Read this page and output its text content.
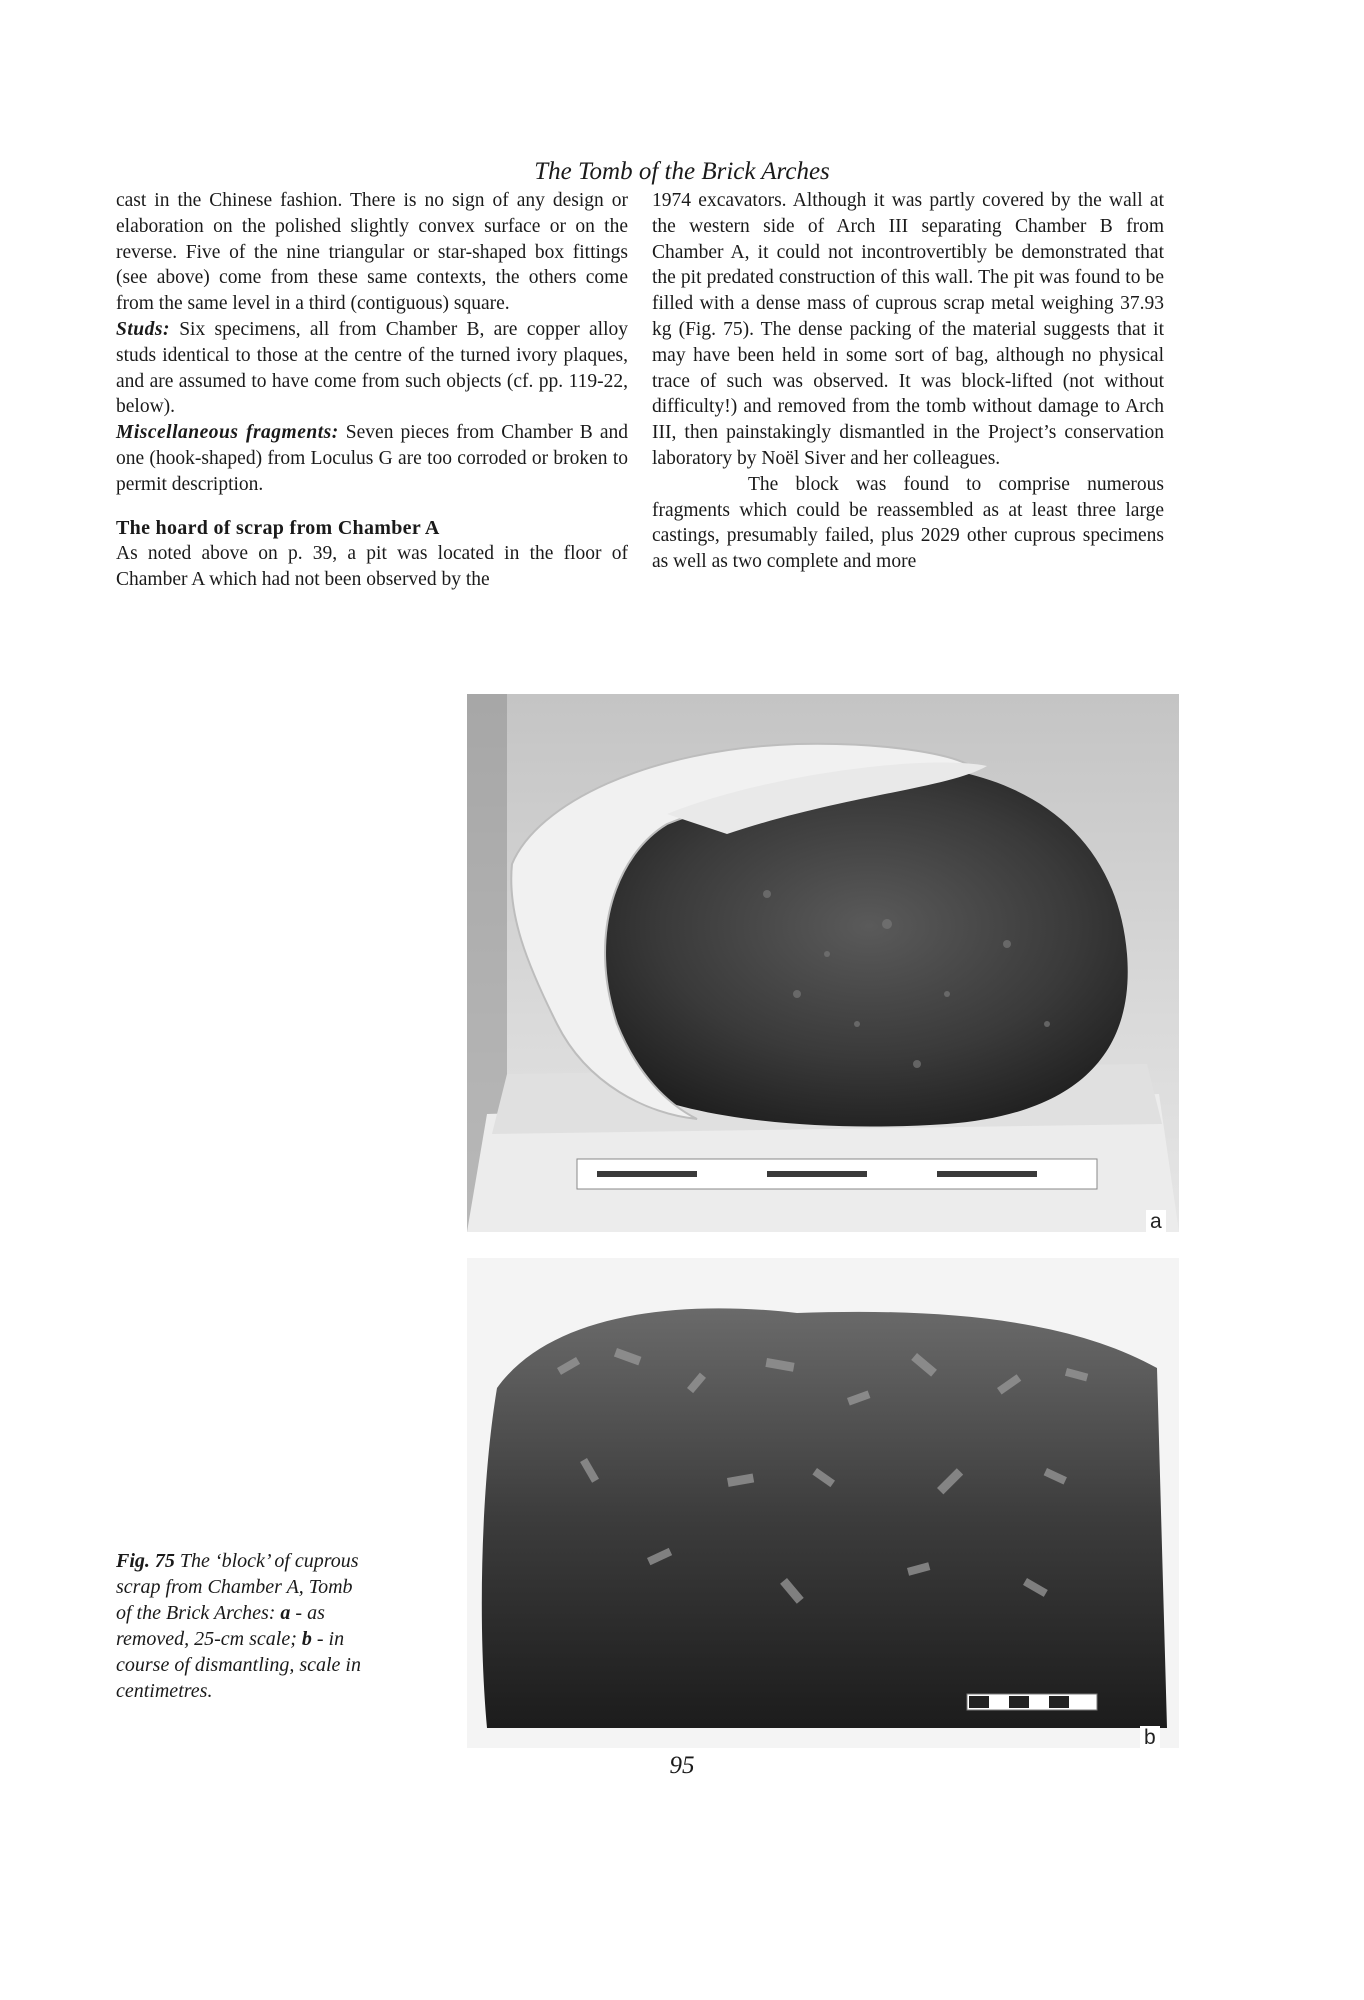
The Tomb of the Brick Arches

cast in the Chinese fashion. There is no sign of any design or elaboration on the polished slightly convex surface or on the reverse. Five of the nine triangular or star-shaped box fittings (see above) come from these same contexts, the others come from the same level in a third (contiguous) square.

Studs: Six specimens, all from Chamber B, are copper alloy studs identical to those at the centre of the turned ivory plaques, and are assumed to have come from such objects (cf. pp. 119-22, below).

Miscellaneous fragments: Seven pieces from Chamber B and one (hook-shaped) from Loculus G are too corroded or broken to permit description.

The hoard of scrap from Chamber A

As noted above on p. 39, a pit was located in the floor of Chamber A which had not been observed by the

1974 excavators. Although it was partly covered by the wall at the western side of Arch III separating Chamber B from Chamber A, it could not incontrovertibly be demonstrated that the pit predated construction of this wall. The pit was found to be filled with a dense mass of cuprous scrap metal weighing 37.93 kg (Fig. 75). The dense packing of the material suggests that it may have been held in some sort of bag, although no physical trace of such was observed. It was block-lifted (not without difficulty!) and removed from the tomb without damage to Arch III, then painstakingly dismantled in the Project’s conservation laboratory by Noël Siver and her colleagues.

The block was found to comprise numerous fragments which could be reassembled as at least three large castings, presumably failed, plus 2029 other cuprous specimens as well as two complete and more

a
b
Fig. 75 The ‘block’ of cuprous scrap from Chamber A, Tomb of the Brick Arches: a - as removed, 25-cm scale; b - in course of dismantling, scale in centimetres.
95
